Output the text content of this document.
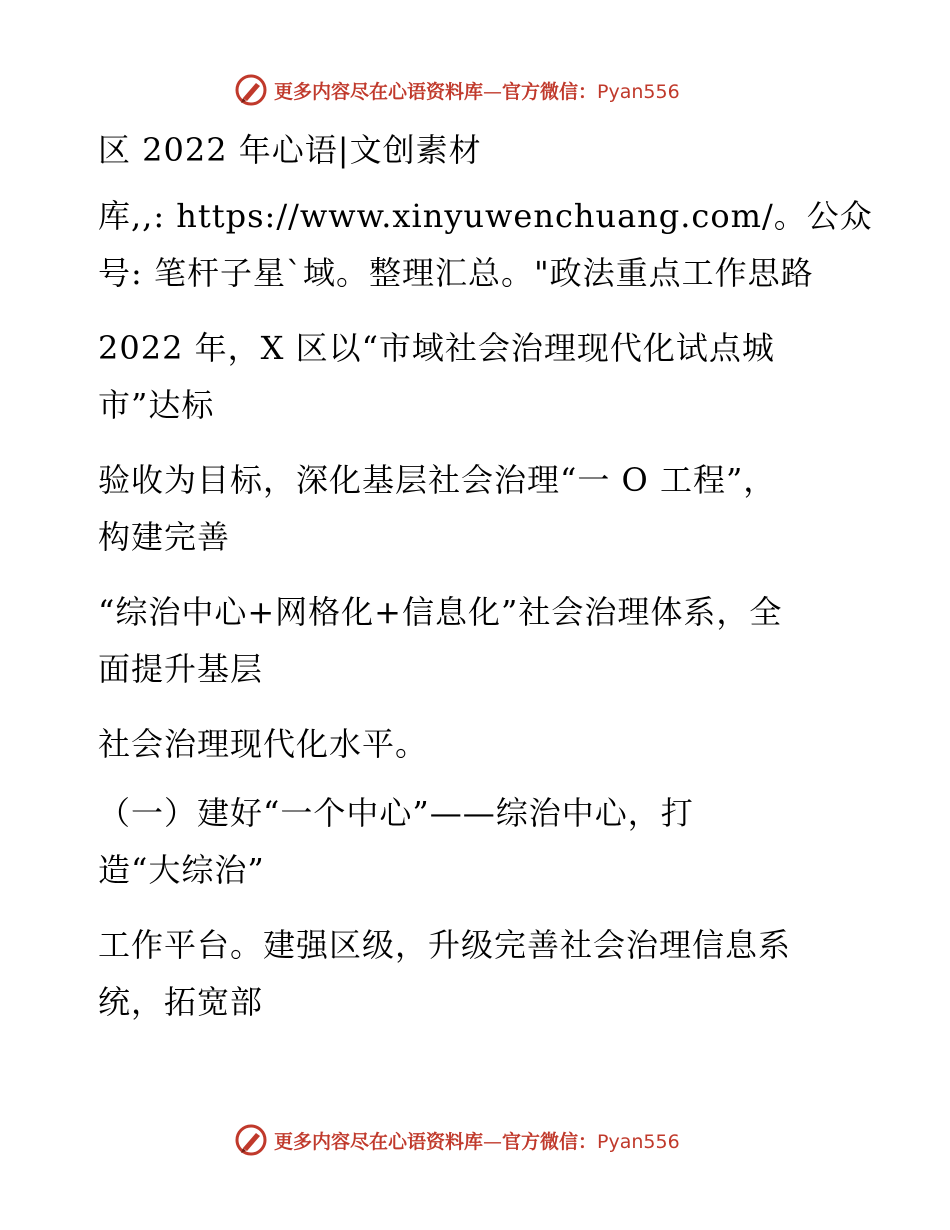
更多内容尽在心语资料库—官方微信：Pyan556
区 2022 年心语|文创素材
库,,: https://www.xinyuwenchuang.com/。公众
号: 笔杆子星`域。整理汇总。"政法重点工作思路
2022 年，X 区以“市域社会治理现代化试点城
市”达标
验收为目标，深化基层社会治理“一 O 工程”，
构建完善
“综治中心+网格化+信息化”社会治理体系，全
面提升基层
社会治理现代化水平。
（一）建好“一个中心”——综治中心，打
造“大综治”
工作平台。建强区级，升级完善社会治理信息系
统，拓宽部
更多内容尽在心语资料库—官方微信：Pyan556
